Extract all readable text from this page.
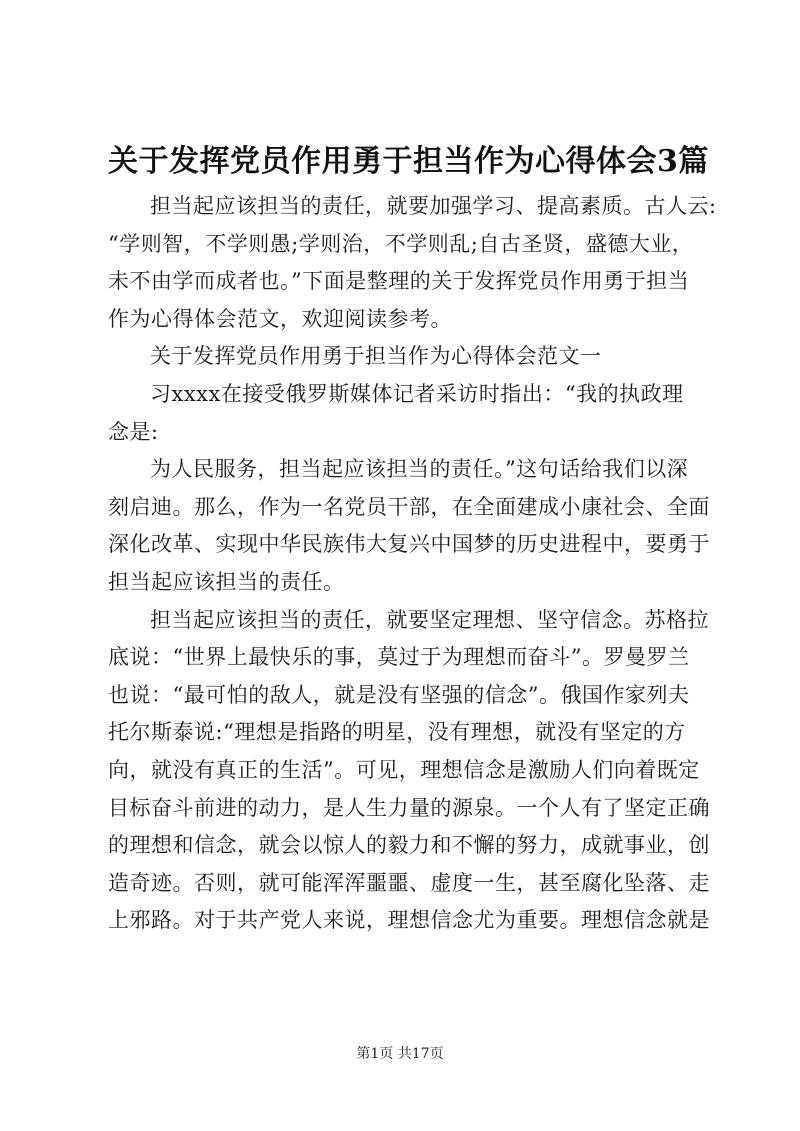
关于发挥党员作用勇于担当作为心得体会3篇
担当起应该担当的责任，就要加强学习、提高素质。古人云:
“学则智，不学则愚;学则治，不学则乱;自古圣贤，盛德大业，
未不由学而成者也。”下面是整理的关于发挥党员作用勇于担当
作为心得体会范文，欢迎阅读参考。
关于发挥党员作用勇于担当作为心得体会范文一
习xxxx在接受俄罗斯媒体记者采访时指出：“我的执政理
念是:
为人民服务，担当起应该担当的责任。”这句话给我们以深
刻启迪。那么，作为一名党员干部，在全面建成小康社会、全面
深化改革、实现中华民族伟大复兴中国梦的历史进程中，要勇于
担当起应该担当的责任。
担当起应该担当的责任，就要坚定理想、坚守信念。苏格拉
底说：“世界上最快乐的事，莫过于为理想而奋斗”。罗曼罗兰
也说：“最可怕的敌人，就是没有坚强的信念”。俄国作家列夫
托尔斯泰说:“理想是指路的明星，没有理想，就没有坚定的方
向，就没有真正的生活”。可见，理想信念是激励人们向着既定
目标奋斗前进的动力，是人生力量的源泉。一个人有了坚定正确
的理想和信念，就会以惊人的毅力和不懈的努力，成就事业，创
造奇迹。否则，就可能浑浑噩噩、虚度一生，甚至腐化坠落、走
上邪路。对于共产党人来说，理想信念尤为重要。理想信念就是
第1页 共17页
